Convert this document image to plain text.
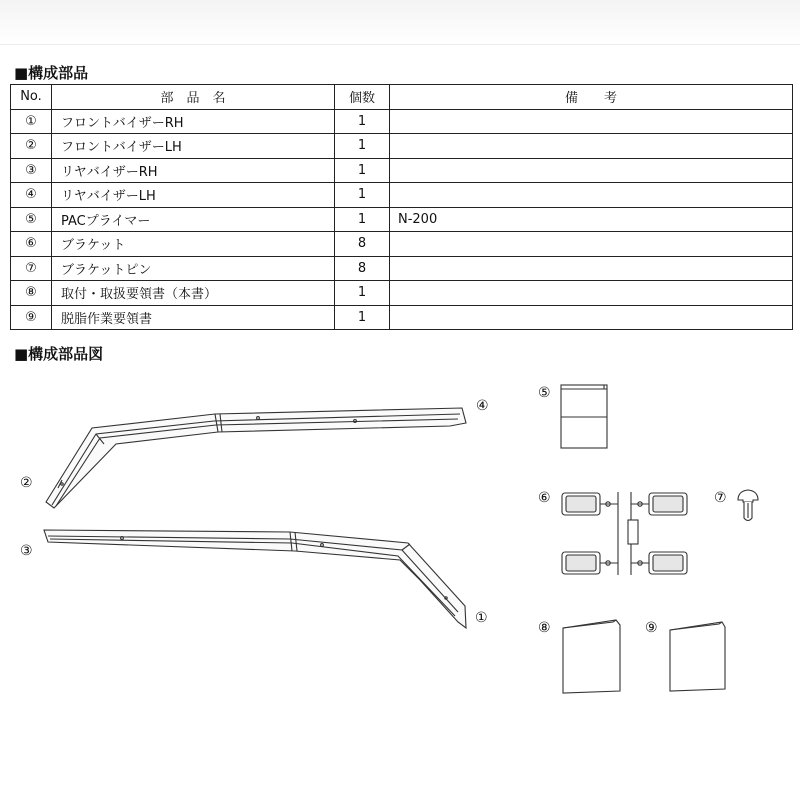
■構成部品
No.	部　品　名	個数	備　　考
①	フロントバイザーRH	1	
②	フロントバイザーLH	1	
③	リヤバイザーRH	1	
④	リヤバイザーLH	1	
⑤	PACプライマー	1	N-200
⑥	ブラケット	8	
⑦	ブラケットピン	8	
⑧	取付・取扱要領書（本書）	1	
⑨	脱脂作業要領書	1	
■構成部品図
④
②
③
①
⑤
⑥	⑦
⑧	⑨
